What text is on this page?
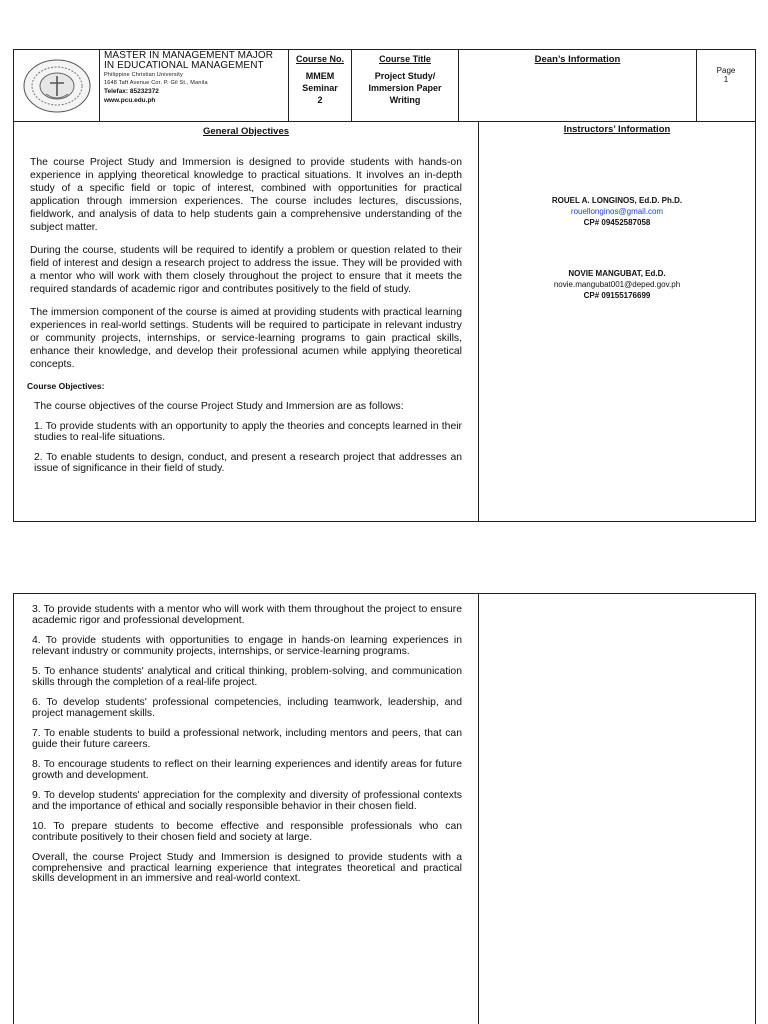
MASTER IN MANAGEMENT MAJOR IN EDUCATIONAL MANAGEMENT
Philippine Christian University
1648 Taft Avenue Cor. P. Gil St., Manila
Telefax: 85232372
www.pcu.edu.ph
Course No.
MMEM
Seminar
2
Course Title
Project Study/
Immersion Paper
Writing
Dean’s Information
Page
1
General Objectives

The course Project Study and Immersion is designed to provide students with hands-on experience in applying theoretical knowledge to practical situations. It involves an in-depth study of a specific field or topic of interest, combined with opportunities for practical application through immersion experiences. The course includes lectures, discussions, fieldwork, and analysis of data to help students gain a comprehensive understanding of the subject matter.

During the course, students will be required to identify a problem or question related to their field of interest and design a research project to address the issue. They will be provided with a mentor who will work with them closely throughout the project to ensure that it meets the required standards of academic rigor and contributes positively to the field of study.

The immersion component of the course is aimed at providing students with practical learning experiences in real-world settings. Students will be required to participate in relevant industry or community projects, internships, or service-learning programs to gain practical skills, enhance their knowledge, and develop their professional acumen while applying theoretical concepts.

Course Objectives:
The course objectives of the course Project Study and Immersion are as follows:
1. To provide students with an opportunity to apply the theories and concepts learned in their studies to real-life situations.
2. To enable students to design, conduct, and present a research project that addresses an issue of significance in their field of study.
Instructors’ Information
ROUEL A. LONGINOS, Ed.D. Ph.D.
rouellonginos@gmail.com
CP# 09452587058
NOVIE MANGUBAT, Ed.D.
novie.mangubat001@deped.gov.ph
CP# 09155176699
3. To provide students with a mentor who will work with them throughout the project to ensure academic rigor and professional development.
4. To provide students with opportunities to engage in hands-on learning experiences in relevant industry or community projects, internships, or service-learning programs.
5. To enhance students' analytical and critical thinking, problem-solving, and communication skills through the completion of a real-life project.
6. To develop students' professional competencies, including teamwork, leadership, and project management skills.
7. To enable students to build a professional network, including mentors and peers, that can guide their future careers.
8. To encourage students to reflect on their learning experiences and identify areas for future growth and development.
9. To develop students' appreciation for the complexity and diversity of professional contexts and the importance of ethical and socially responsible behavior in their chosen field.
10. To prepare students to become effective and responsible professionals who can contribute positively to their chosen field and society at large.
Overall, the course Project Study and Immersion is designed to provide students with a comprehensive and practical learning experience that integrates theoretical and practical skills development in an immersive and real-world context.
